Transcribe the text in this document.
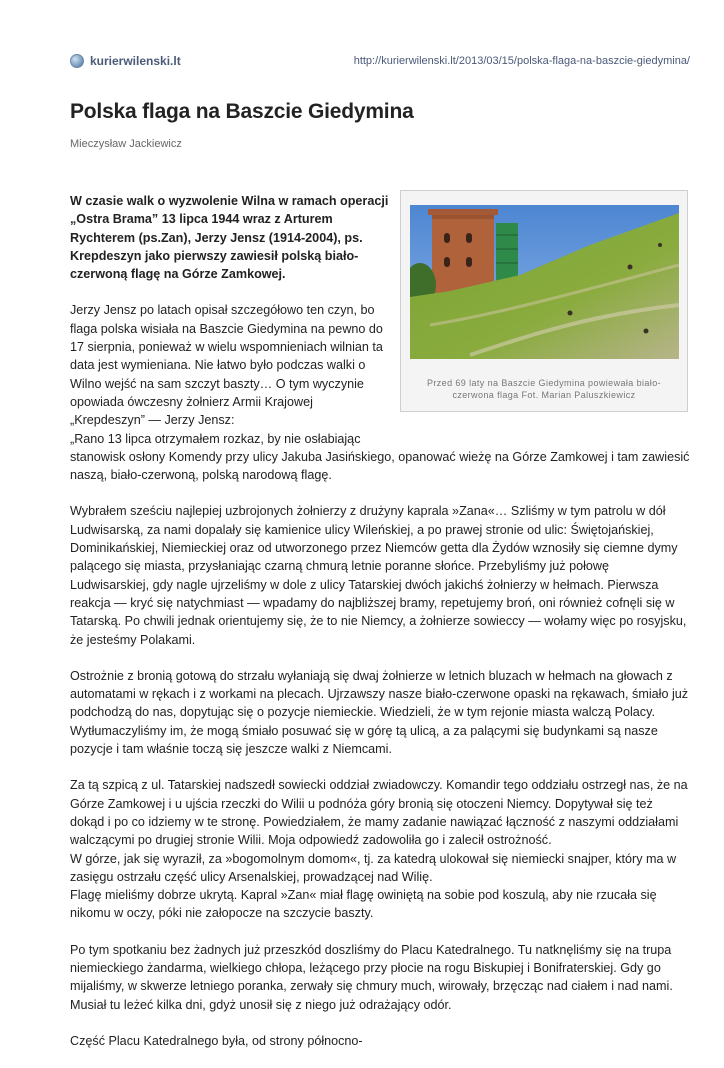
kurierwilenski.lt	http://kurierwilenski.lt/2013/03/15/polska-flaga-na-baszcie-giedymina/
Polska flaga na Baszcie Giedymina
Mieczysław Jackiewicz
Przed 69 laty na Baszcie Giedymina powiewała biało-czerwona flaga Fot. Marian Paluszkiewicz

W czasie walk o wyzwolenie Wilna w ramach operacji „Ostra Brama” 13 lipca 1944 wraz z Arturem Rychterem (ps.Zan), Jerzy Jensz (1914-2004), ps. Krepdeszyn jako pierwszy zawiesił polską biało-czerwoną flagę na Górze Zamkowej.

Jerzy Jensz po latach opisał szczegółowo ten czyn, bo flaga polska wisiała na Baszcie Giedymina na pewno do 17 sierpnia, ponieważ w wielu wspomnieniach wilnian ta data jest wymieniana. Nie łatwo było podczas walki o Wilno wejść na sam szczyt baszty… O tym wyczynie opowiada ówczesny żołnierz Armii Krajowej „Krepdeszyn” — Jerzy Jensz:
„Rano 13 lipca otrzymałem rozkaz, by nie osłabiając

stanowisk osłony Komendy przy ulicy Jakuba Jasińskiego, opanować wieżę na Górze Zamkowej i tam zawiesić naszą, biało-czerwoną, polską narodową flagę.

Wybrałem sześciu najlepiej uzbrojonych żołnierzy z drużyny kaprala »Zana«… Szliśmy w tym patrolu w dół Ludwisarską, za nami dopalały się kamienice ulicy Wileńskiej, a po prawej stronie od ulic: Świętojańskiej, Dominikańskiej, Niemieckiej oraz od utworzonego przez Niemców getta dla Żydów wznosiły się ciemne dymy palącego się miasta, przysłaniając czarną chmurą letnie poranne słońce. Przebyliśmy już połowę Ludwisarskiej, gdy nagle ujrzeliśmy w dole z ulicy Tatarskiej dwóch jakichś żołnierzy w hełmach. Pierwsza reakcja — kryć się natychmiast — wpadamy do najbliższej bramy, repetujemy broń, oni również cofnęli się w Tatarską. Po chwili jednak orientujemy się, że to nie Niemcy, a żołnierze sowieccy — wołamy więc po rosyjsku, że jesteśmy Polakami.

Ostrożnie z bronią gotową do strzału wyłaniają się dwaj żołnierze w letnich bluzach w hełmach na głowach z automatami w rękach i z workami na plecach. Ujrzawszy nasze biało-czerwone opaski na rękawach, śmiało już podchodzą do nas, dopytując się o pozycje niemieckie. Wiedzieli, że w tym rejonie miasta walczą Polacy. Wytłumaczyliśmy im, że mogą śmiało posuwać się w górę tą ulicą, a za palącymi się budynkami są nasze pozycje i tam właśnie toczą się jeszcze walki z Niemcami.

Za tą szpicą z ul. Tatarskiej nadszedł sowiecki oddział zwiadowczy. Komandir tego oddziału ostrzegł nas, że na Górze Zamkowej i u ujścia rzeczki do Wilii u podnóża góry bronią się otoczeni Niemcy. Dopytywał się też dokąd i po co idziemy w te stronę. Powiedziałem, że mamy zadanie nawiązać łączność z naszymi oddziałami walczącymi po drugiej stronie Wilii. Moja odpowiedź zadowoliła go i zalecił ostrożność.
W górze, jak się wyraził, za »bogomolnym domom«, tj. za katedrą ulokował się niemiecki snajper, który ma w zasięgu ostrzału część ulicy Arsenalskiej, prowadzącej nad Wilię.
Flagę mieliśmy dobrze ukrytą. Kapral »Zan« miał flagę owiniętą na sobie pod koszulą, aby nie rzucała się nikomu w oczy, póki nie załopocze na szczycie baszty.

Po tym spotkaniu bez żadnych już przeszkód doszliśmy do Placu Katedralnego. Tu natknęliśmy się na trupa niemieckiego żandarma, wielkiego chłopa, leżącego przy płocie na rogu Biskupiej i Bonifraterskiej. Gdy go mijaliśmy, w skwerze letniego poranka, zerwały się chmury much, wirowały, brzęcząc nad ciałem i nad nami. Musiał tu leżeć kilka dni, gdyż unosił się z niego już odrażający odór.

Część Placu Katedralnego była, od strony północno-
